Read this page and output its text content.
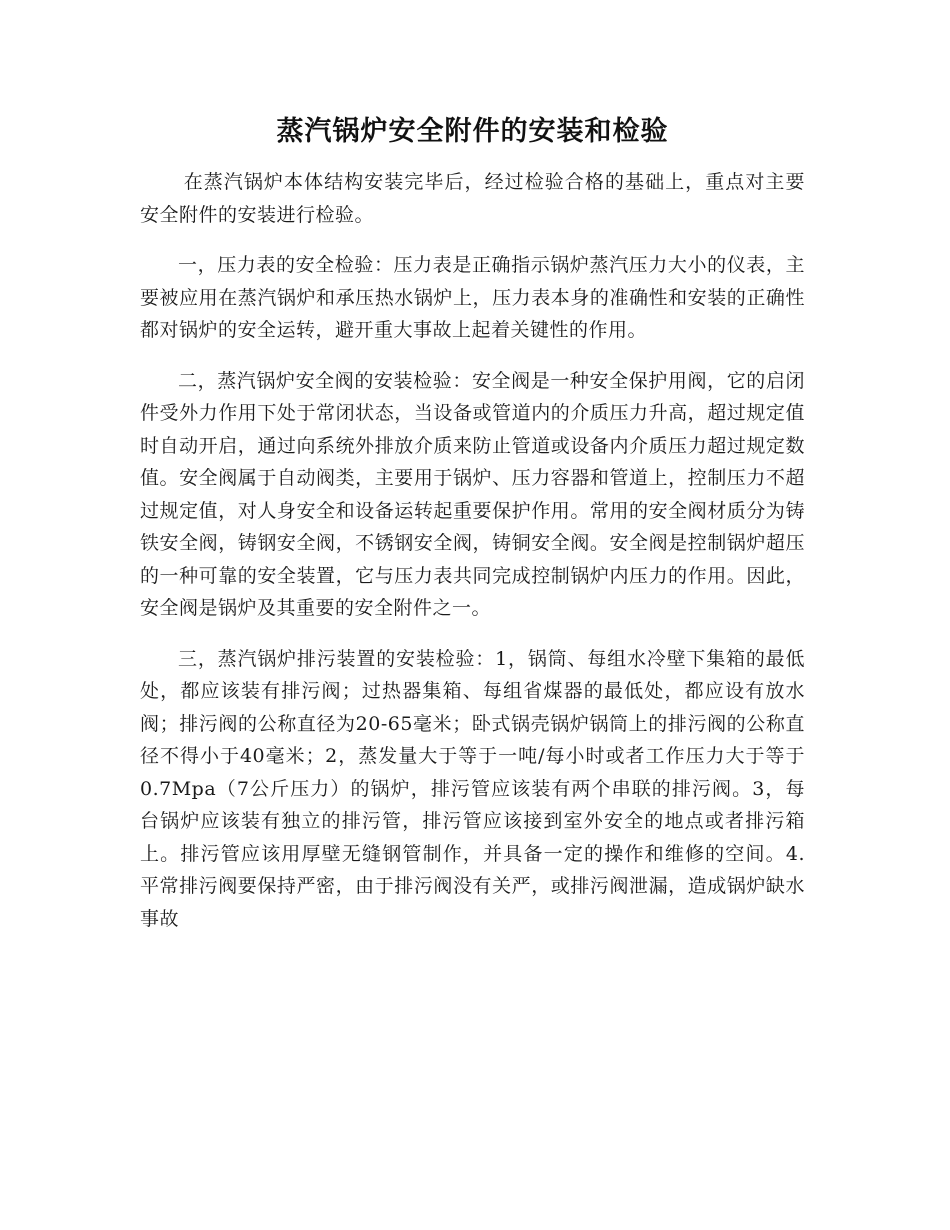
蒸汽锅炉安全附件的安装和检验

在蒸汽锅炉本体结构安装完毕后，经过检验合格的基础上，重点对主要安全附件的安装进行检验。

一，压力表的安全检验：压力表是正确指示锅炉蒸汽压力大小的仪表，主要被应用在蒸汽锅炉和承压热水锅炉上，压力表本身的准确性和安装的正确性都对锅炉的安全运转，避开重大事故上起着关键性的作用。

二，蒸汽锅炉安全阀的安装检验：安全阀是一种安全保护用阀，它的启闭件受外力作用下处于常闭状态，当设备或管道内的介质压力升高，超过规定值时自动开启，通过向系统外排放介质来防止管道或设备内介质压力超过规定数值。安全阀属于自动阀类，主要用于锅炉、压力容器和管道上，控制压力不超过规定值，对人身安全和设备运转起重要保护作用。常用的安全阀材质分为铸铁安全阀，铸钢安全阀，不锈钢安全阀，铸铜安全阀。安全阀是控制锅炉超压的一种可靠的安全装置，它与压力表共同完成控制锅炉内压力的作用。因此，安全阀是锅炉及其重要的安全附件之一。

三，蒸汽锅炉排污装置的安装检验：1，锅筒、每组水冷壁下集箱的最低处，都应该装有排污阀；过热器集箱、每组省煤器的最低处，都应设有放水阀；排污阀的公称直径为20-65毫米；卧式锅壳锅炉锅筒上的排污阀的公称直径不得小于40毫米；2，蒸发量大于等于一吨/每小时或者工作压力大于等于0.7Mpa（7公斤压力）的锅炉，排污管应该装有两个串联的排污阀。3，每台锅炉应该装有独立的排污管，排污管应该接到室外安全的地点或者排污箱上。排污管应该用厚壁无缝钢管制作，并具备一定的操作和维修的空间。4. 平常排污阀要保持严密，由于排污阀没有关严，或排污阀泄漏，造成锅炉缺水事故
